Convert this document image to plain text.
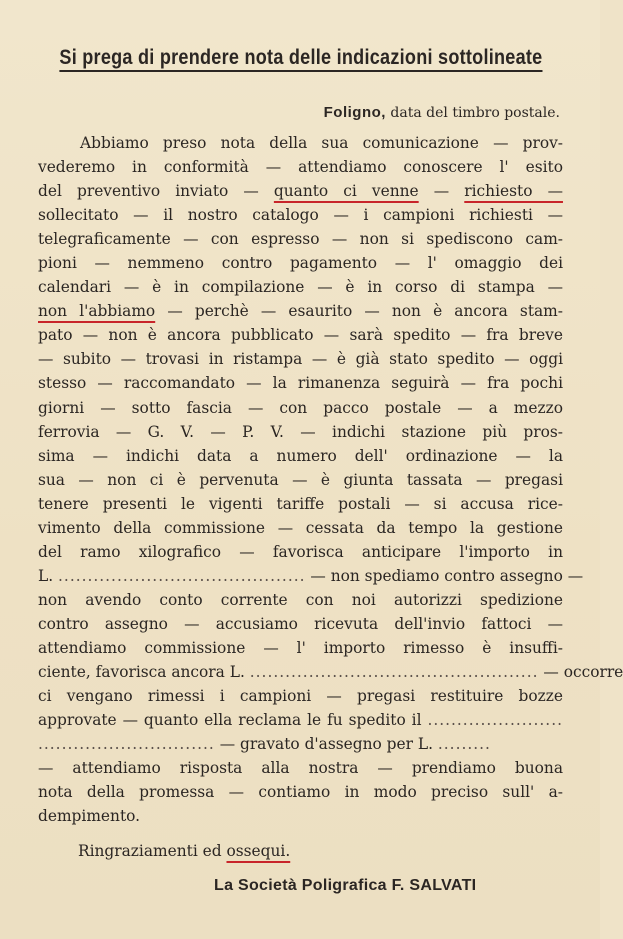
Si prega di prendere nota delle indicazioni sottolineate
Foligno, data del timbro postale.
Abbiamo preso nota della sua comunicazione — prov-
vederemo in conformità — attendiamo conoscere l' esito
del preventivo inviato — quanto ci venne — richiesto —
sollecitato — il nostro catalogo — i campioni richiesti —
telegraficamente — con espresso — non si spediscono cam-
pioni — nemmeno contro pagamento — l' omaggio dei
calendari — è in compilazione — è in corso di stampa —
non l'abbiamo — perchè — esaurito — non è ancora stam-
pato — non è ancora pubblicato — sarà spedito — fra breve
— subito — trovasi in ristampa — è già stato spedito — oggi
stesso — raccomandato — la rimanenza seguirà — fra pochi
giorni — sotto fascia — con pacco postale — a mezzo
ferrovia — G. V. — P. V. — indichi stazione più pros-
sima — indichi data a numero dell' ordinazione — la
sua — non ci è pervenuta — è giunta tassata — pregasi
tenere presenti le vigenti tariffe postali — si accusa rice-
vimento della commissione — cessata da tempo la gestione
del ramo xilografico — favorisca anticipare l'importo in
L. .......................................... — non spediamo contro assegno —
non avendo conto corrente con noi autorizzi spedizione
contro assegno — accusiamo ricevuta dell'invio fattoci —
attendiamo commissione — l' importo rimesso è insuffi-
ciente, favorisca ancora L. ................................................. — occorre
ci vengano rimessi i campioni — pregasi restituire bozze
approvate — quanto ella reclama le fu spedito il .......................
.............................. — gravato d'assegno per L. .........
— attendiamo risposta alla nostra — prendiamo buona
nota della promessa — contiamo in modo preciso sull' a-
dempimento.
Ringraziamenti ed ossequi.
La Società Poligrafica F. SALVATI
